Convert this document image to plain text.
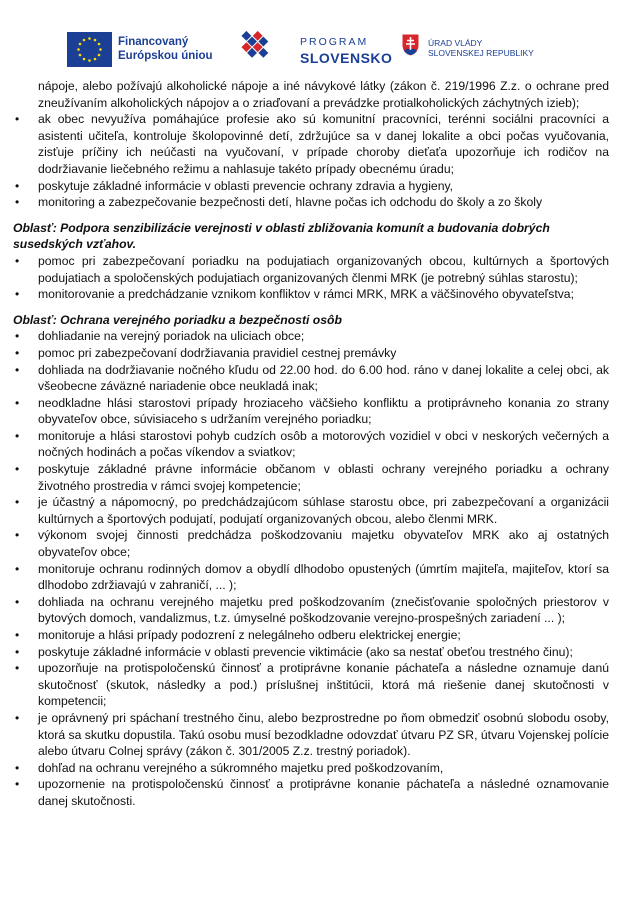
Financovaný
Európskou úniou
PROGRAM
SLOVENSKO
ÚRAD VLÁDY
SLOVENSKEJ REPUBLIKY

nápoje, alebo požívajú alkoholické nápoje a iné návykové látky (zákon č. 219/1996 Z.z. o ochrane pred zneužívaním alkoholických nápojov a o zriaďovaní a prevádzke protialkoholických záchytných izieb);

• ak obec nevyužíva pomáhajúce profesie ako sú komunitní pracovníci, terénni sociálni pracovníci a asistenti učiteľa, kontroluje školopovinné detí, zdržujúce sa v danej lokalite a obci počas vyučovania, zisťuje príčiny ich neúčasti na vyučovaní, v prípade choroby dieťaťa upozorňuje ich rodičov na dodržiavanie liečebného režimu a nahlasuje takéto prípady obecnému úradu;
• poskytuje základné informácie v oblasti prevencie ochrany zdravia a hygieny,
• monitoring a zabezpečovanie bezpečnosti detí, hlavne počas ich odchodu do školy a zo školy

Oblasť: Podpora senzibilizácie verejnosti v oblasti zbližovania komunít a budovania dobrých susedských vzťahov.

• pomoc pri zabezpečovaní poriadku na podujatiach organizovaných obcou, kultúrnych a športových podujatiach a spoločenských podujatiach organizovaných členmi MRK (je potrebný súhlas starostu);
• monitorovanie a predchádzanie vznikom konfliktov v rámci MRK, MRK a väčšinového obyvateľstva;

Oblasť: Ochrana verejného poriadku a bezpečnosti osôb

• dohliadanie na verejný poriadok na uliciach obce;
• pomoc pri zabezpečovaní dodržiavania pravidiel cestnej premávky
• dohliada na dodržiavanie nočného kľudu od 22.00 hod. do 6.00 hod. ráno v danej lokalite a celej obci, ak všeobecne záväzné nariadenie obce neukladá inak;
• neodkladne hlási starostovi prípady hroziaceho väčšieho konfliktu a protiprávneho konania zo strany obyvateľov obce, súvisiaceho s udržaním verejného poriadku;
• monitoruje a hlási starostovi pohyb cudzích osôb a motorových vozidiel v obci v neskorých večerných a nočných hodinách a počas víkendov a sviatkov;
• poskytuje základné právne informácie občanom v oblasti ochrany verejného poriadku a ochrany životného prostredia v rámci svojej kompetencie;
• je účastný a nápomocný, po predchádzajúcom súhlase starostu obce, pri zabezpečovaní a organizácii kultúrnych a športových podujatí, podujatí organizovaných obcou, alebo členmi MRK.
• výkonom svojej činnosti predchádza poškodzovaniu majetku obyvateľov MRK ako aj ostatných obyvateľov obce;
• monitoruje ochranu rodinných domov a obydlí dlhodobo opustených (úmrtím majiteľa, majiteľov, ktorí sa dlhodobo zdržiavajú v zahraničí, ... );
• dohliada na ochranu verejného majetku pred poškodzovaním (znečisťovanie spoločných priestorov v bytových domoch, vandalizmus, t.z. úmyselné poškodzovanie verejno-prospešných zariadení ... );
• monitoruje a hlási prípady podozrení z nelegálneho odberu elektrickej energie;
• poskytuje základné informácie v oblasti prevencie viktimácie (ako sa nestať obeťou trestného činu);
• upozorňuje na protispoločenskú činnosť a protiprávne konanie páchateľa a následne oznamuje danú skutočnosť (skutok, následky a pod.) príslušnej inštitúcii, ktorá má riešenie danej skutočnosti v kompetencii;
• je oprávnený pri spáchaní trestného činu, alebo bezprostredne po ňom obmedziť osobnú slobodu osoby, ktorá sa skutku dopustila. Takú osobu musí bezodkladne odovzdať útvaru PZ SR, útvaru Vojenskej polície alebo útvaru Colnej správy (zákon č. 301/2005 Z.z. trestný poriadok).
• dohľad na ochranu verejného a súkromného majetku pred poškodzovaním,
• upozornenie na protispoločenskú činnosť a protiprávne konanie páchateľa a následné oznamovanie danej skutočnosti.
